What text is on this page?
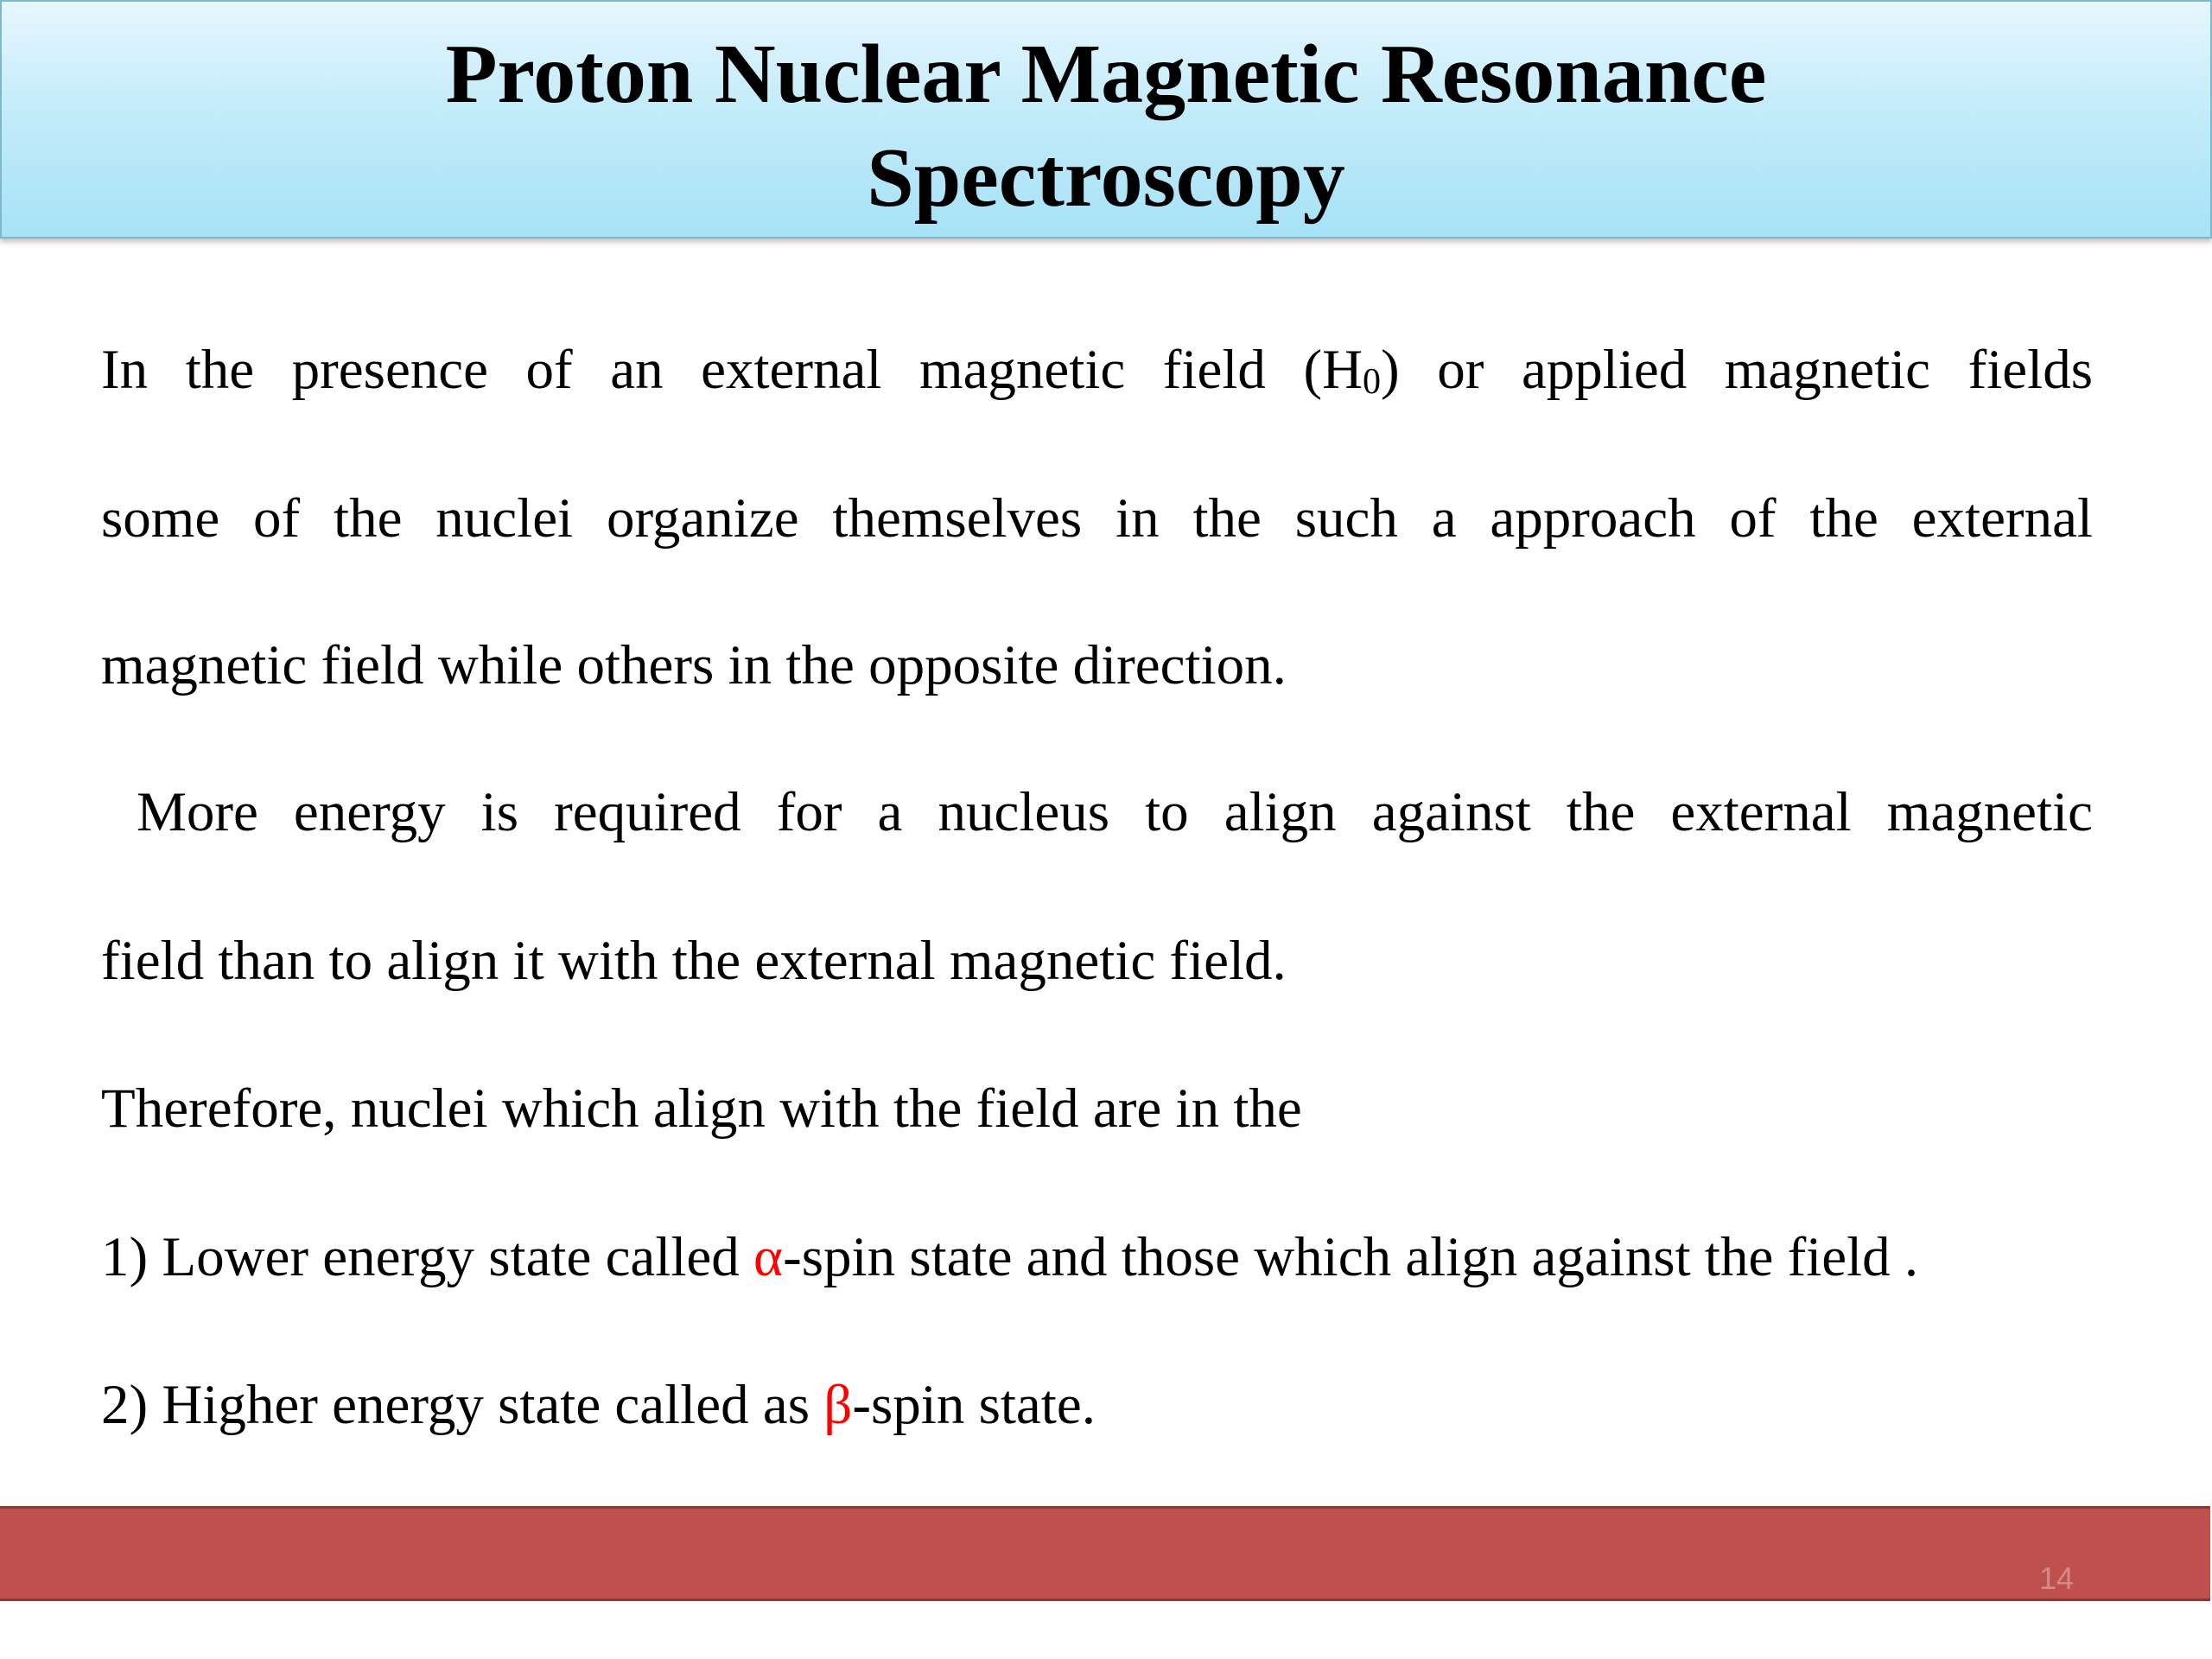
Proton Nuclear Magnetic Resonance
Spectroscopy

In the presence of an external magnetic field $(H_0)$ or applied magnetic fields

some of the nuclei organize themselves in the such a approach of the external

magnetic field while others in the opposite direction.

More energy is required for a nucleus to align against the external magnetic

field than to align it with the external magnetic field.

Therefore, nuclei which align with the field are in the

1) Lower energy state called α-spin state and those which align against the field .

2) Higher energy state called as β-spin state.

14
